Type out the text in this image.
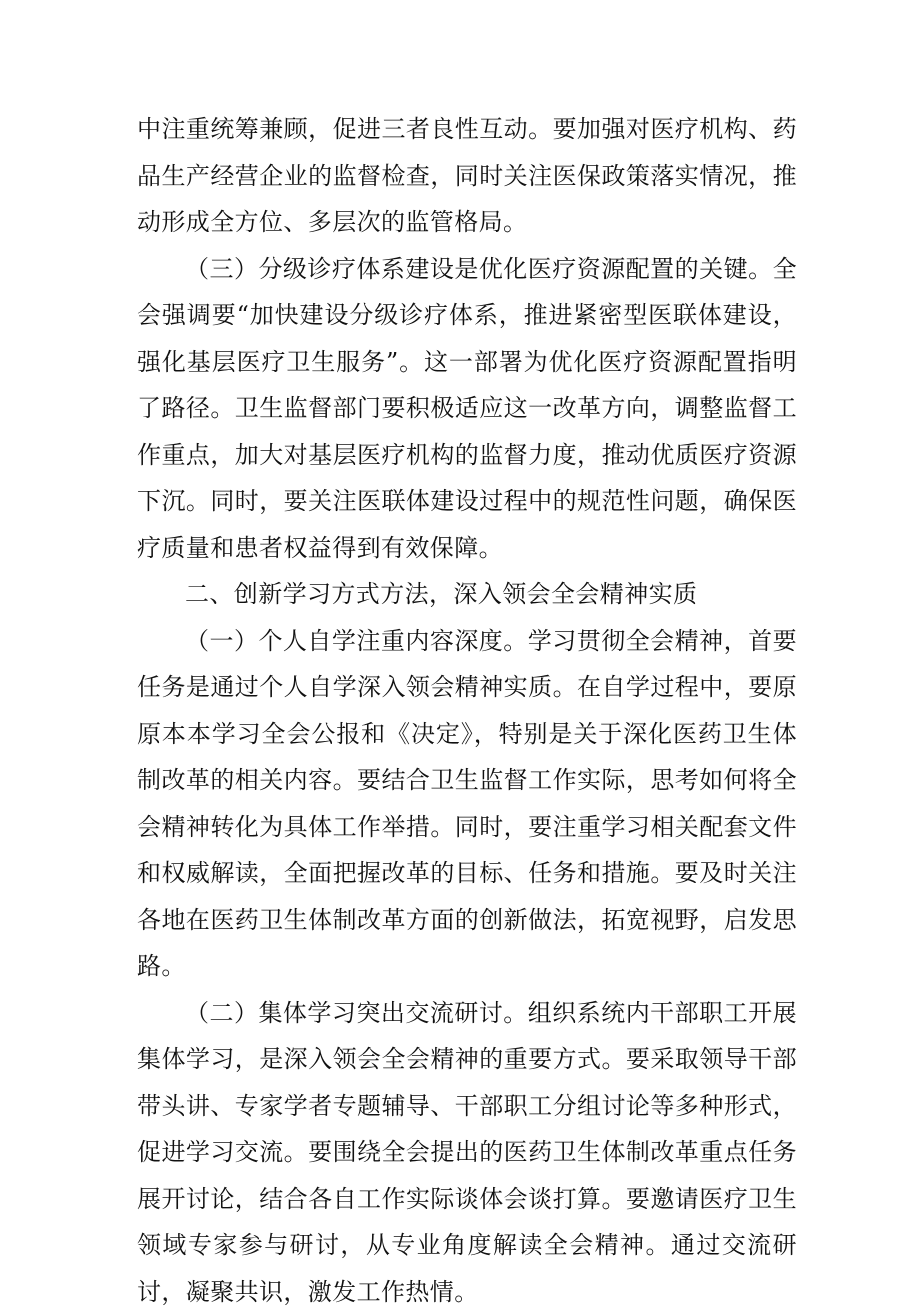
中注重统筹兼顾，促进三者良性互动。要加强对医疗机构、药品生产经营企业的监督检查，同时关注医保政策落实情况，推动形成全方位、多层次的监管格局。

（三）分级诊疗体系建设是优化医疗资源配置的关键。全会强调要“加快建设分级诊疗体系，推进紧密型医联体建设，强化基层医疗卫生服务”。这一部署为优化医疗资源配置指明了路径。卫生监督部门要积极适应这一改革方向，调整监督工作重点，加大对基层医疗机构的监督力度，推动优质医疗资源下沉。同时，要关注医联体建设过程中的规范性问题，确保医疗质量和患者权益得到有效保障。

二、创新学习方式方法，深入领会全会精神实质

（一）个人自学注重内容深度。学习贯彻全会精神，首要任务是通过个人自学深入领会精神实质。在自学过程中，要原原本本学习全会公报和《决定》，特别是关于深化医药卫生体制改革的相关内容。要结合卫生监督工作实际，思考如何将全会精神转化为具体工作举措。同时，要注重学习相关配套文件和权威解读，全面把握改革的目标、任务和措施。要及时关注各地在医药卫生体制改革方面的创新做法，拓宽视野，启发思路。

（二）集体学习突出交流研讨。组织系统内干部职工开展集体学习，是深入领会全会精神的重要方式。要采取领导干部带头讲、专家学者专题辅导、干部职工分组讨论等多种形式，促进学习交流。要围绕全会提出的医药卫生体制改革重点任务展开讨论，结合各自工作实际谈体会谈打算。要邀请医疗卫生领域专家参与研讨，从专业角度解读全会精神。通过交流研讨，凝聚共识，激发工作热情。
